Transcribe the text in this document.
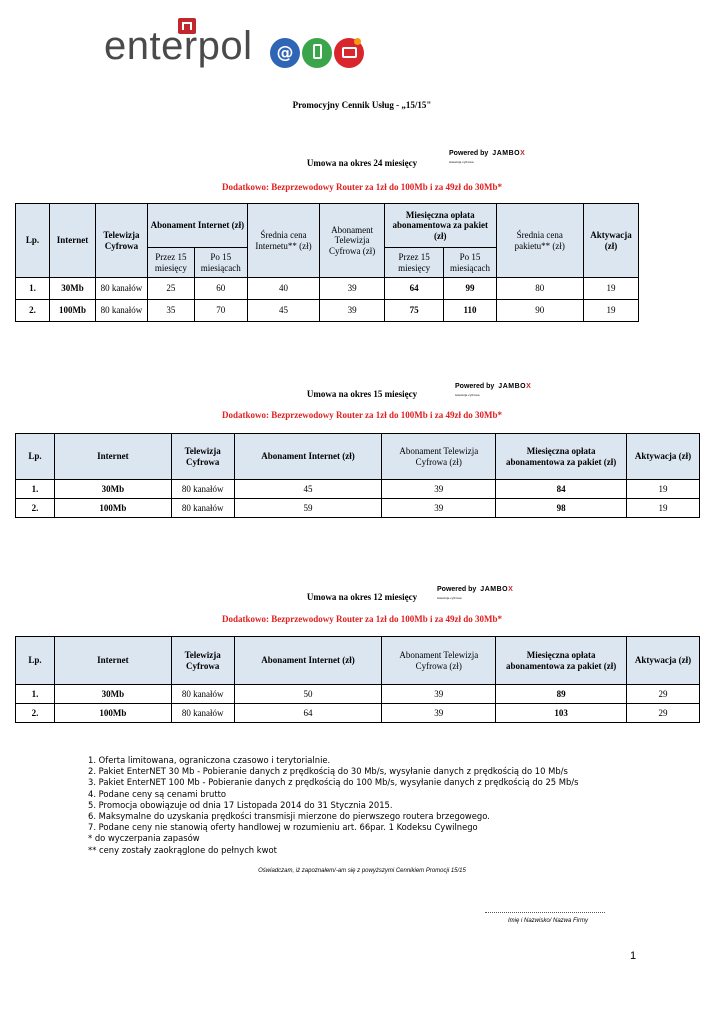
enterpol	@
Promocyjny Cennik Usług - „15/15"
Powered by JAMBOX
telewizja cyfrowa
Umowa na okres 24 miesięcy
Dodatkowo: Bezprzewodowy Router za 1zł do 100Mb i za 49zł do 30Mb*
Lp.	Internet	Telewizja Cyfrowa	Abonament Internet (zł)		Średnia cena Internetu** (zł)	Abonament Telewizja Cyfrowa (zł)	Miesięczna opłata abonamentowa za pakiet (zł)		Średnia cena pakietu** (zł)	Aktywacja (zł)
			Przez 15 miesięcy	Po 15 miesiącach			Przez 15 miesięcy	Po 15 miesiącach		
1.	30Mb	80 kanałów	25	60	40	39	64	99	80	19
2.	100Mb	80 kanałów	35	70	45	39	75	110	90	19
Powered by JAMBOX
telewizja cyfrowa
Umowa na okres 15 miesięcy
Dodatkowo: Bezprzewodowy Router za 1zł do 100Mb i za 49zł do 30Mb*
Lp.	Internet	Telewizja Cyfrowa	Abonament Internet (zł)	Abonament Telewizja Cyfrowa (zł)	Miesięczna opłata abonamentowa za pakiet (zł)	Aktywacja (zł)
1.	30Mb	80 kanałów	45	39	84	19
2.	100Mb	80 kanałów	59	39	98	19
Powered by JAMBOX
telewizja cyfrowa
Umowa na okres 12 miesięcy
Dodatkowo: Bezprzewodowy Router za 1zł do 100Mb i za 49zł do 30Mb*
Lp.	Internet	Telewizja Cyfrowa	Abonament Internet (zł)	Abonament Telewizja Cyfrowa (zł)	Miesięczna opłata abonamentowa za pakiet (zł)	Aktywacja (zł)
1.	30Mb	80 kanałów	50	39	89	29
2.	100Mb	80 kanałów	64	39	103	29
1. Oferta limitowana, ograniczona czasowo i terytorialnie.
2. Pakiet EnterNET 30 Mb - Pobieranie danych z prędkością do 30 Mb/s, wysyłanie danych z prędkością do 10 Mb/s
3. Pakiet EnterNET 100 Mb - Pobieranie danych z prędkością do 100 Mb/s, wysyłanie danych z prędkością do 25 Mb/s
4. Podane ceny są cenami brutto
5. Promocja obowiązuje od dnia 17 Listopada 2014 do 31 Stycznia 2015.
6. Maksymalne do uzyskania prędkości transmisji mierzone do pierwszego routera brzegowego.
7. Podane ceny nie stanowią oferty handlowej w rozumieniu art. 66par. 1 Kodeksu Cywilnego
* do wyczerpania zapasów
** ceny zostały zaokrąglone do pełnych kwot
Oświadczam, iż zapoznałem/-am się z powyższymi Cennikiem Promocji 15/15
Imię i Nazwisko/ Nazwa Firmy
1
